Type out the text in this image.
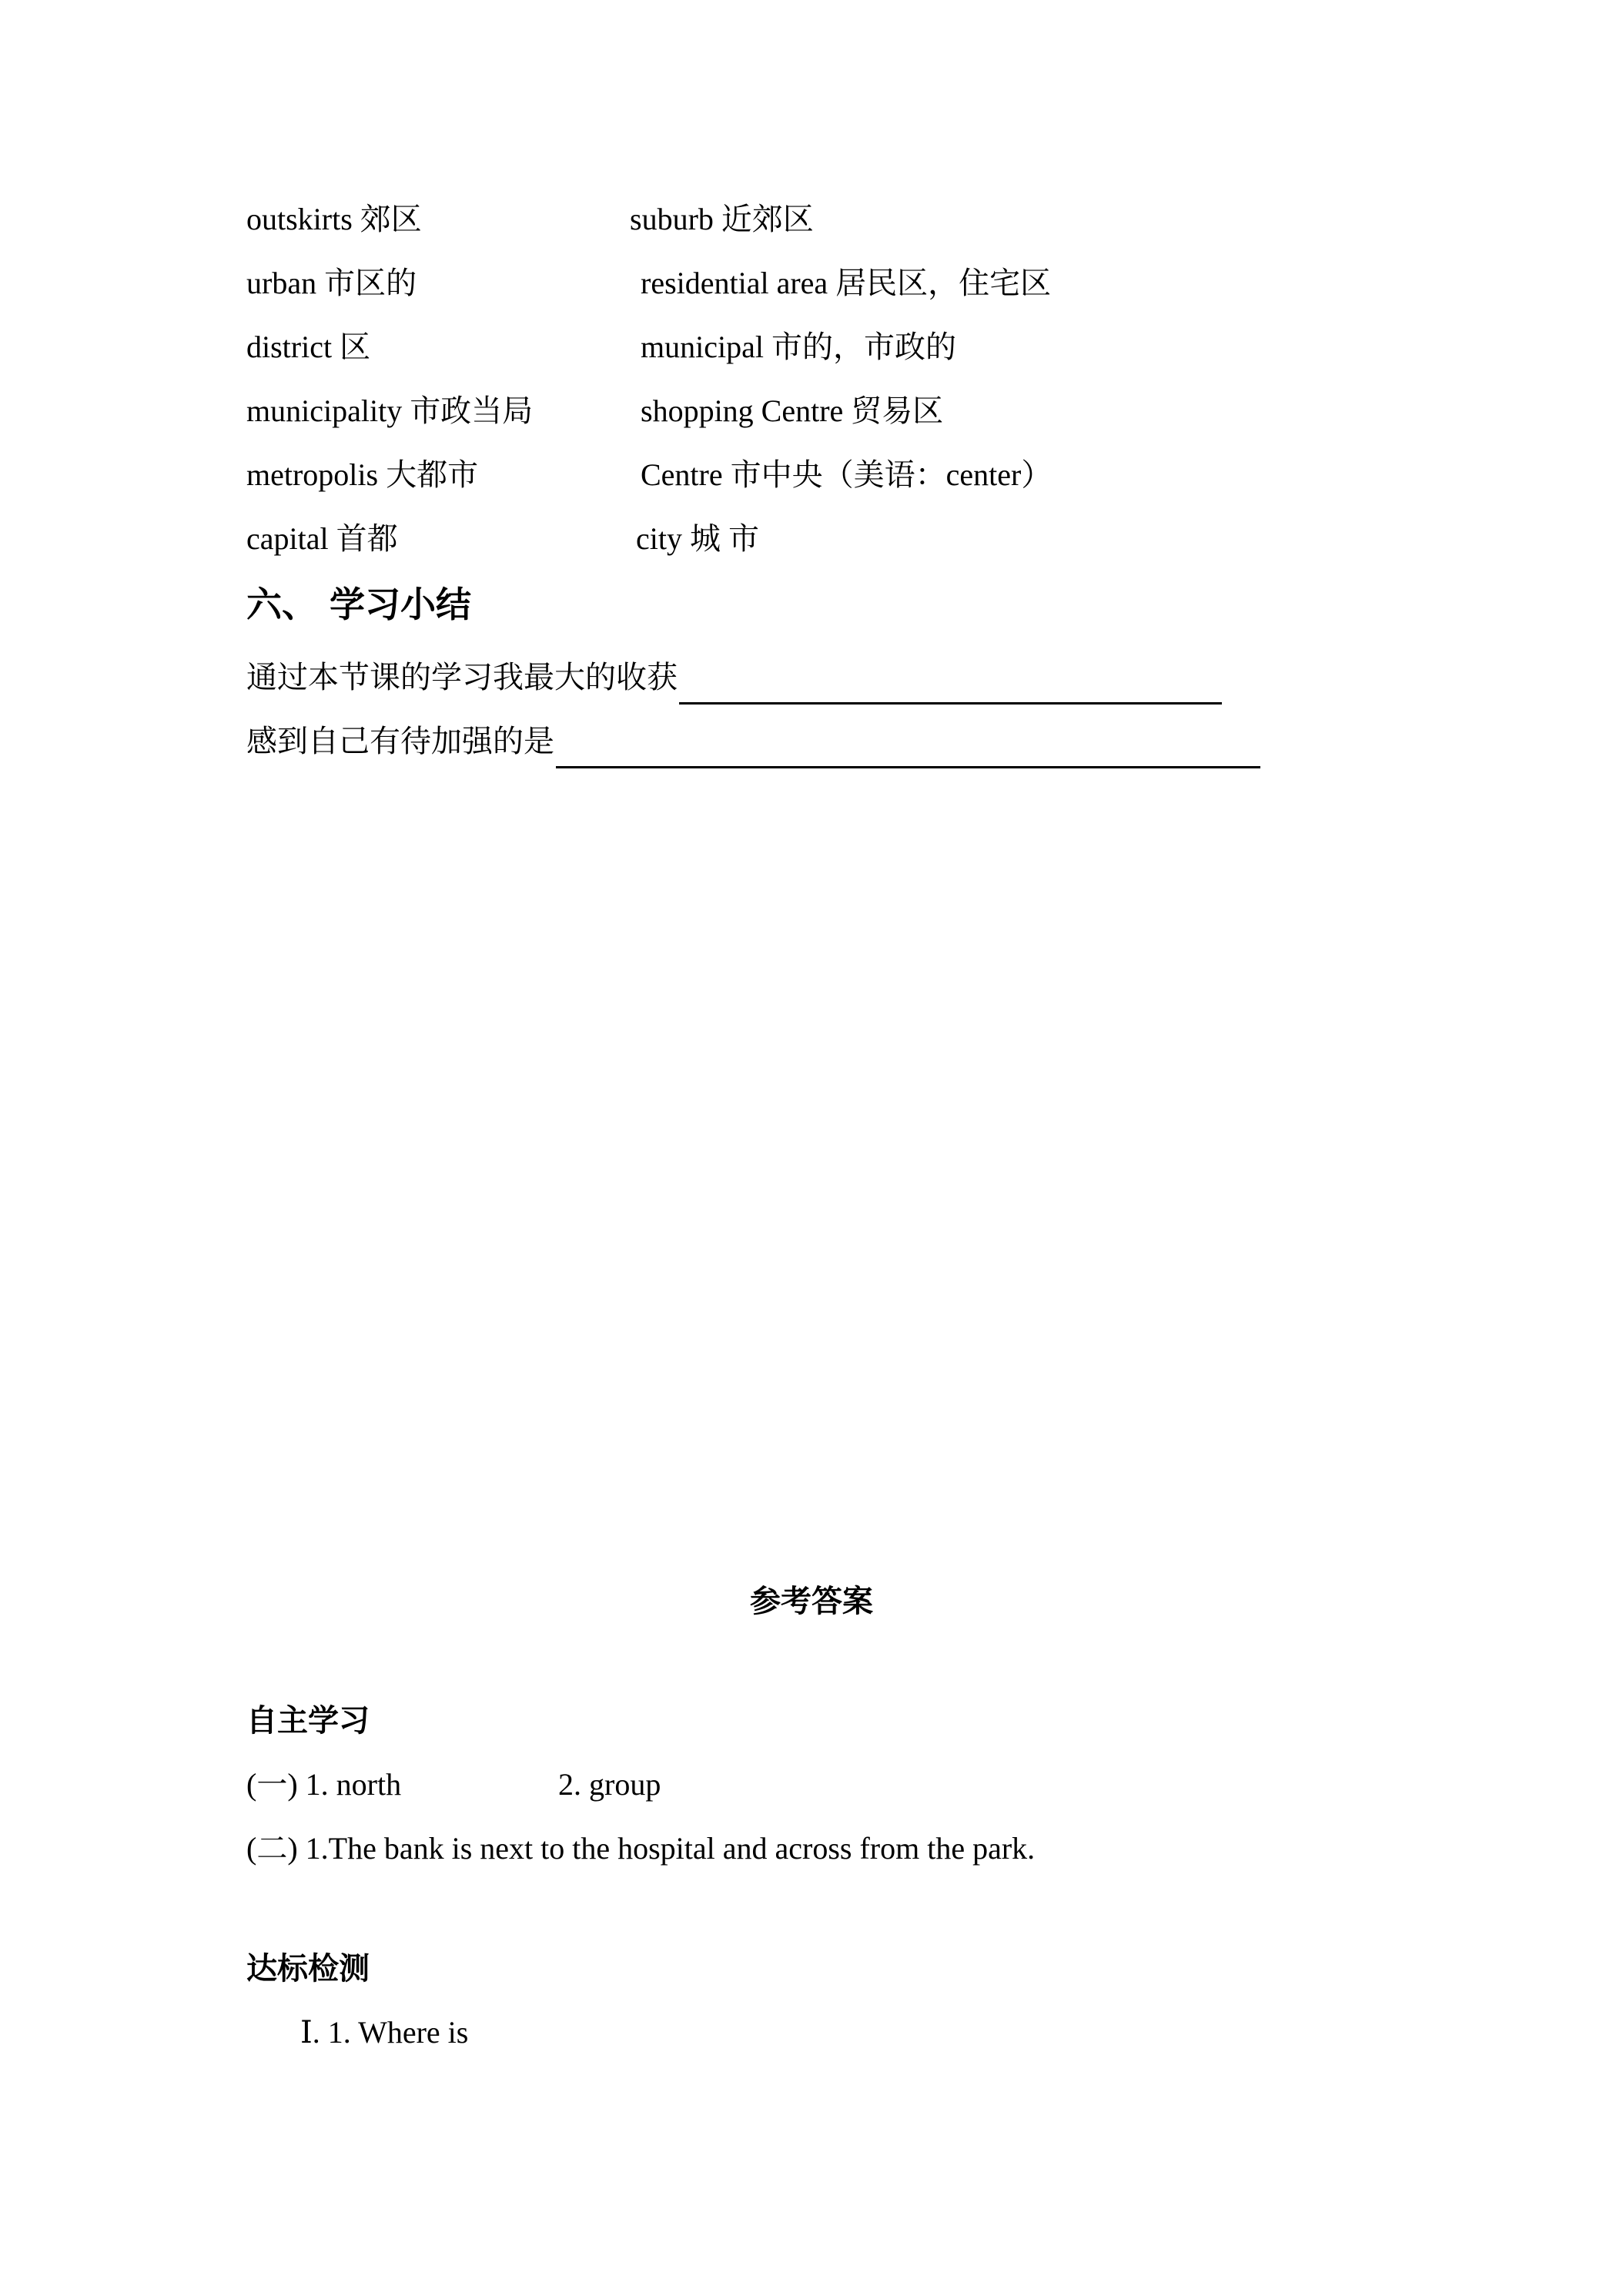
outskirts 郊区	suburb 近郊区
urban 市区的	residential area 居民区，住宅区
district 区	municipal 市的，市政的
municipality 市政当局	shopping Centre 贸易区
metropolis 大都市	Centre 市中央（美语：center）
capital 首都	city 城 市
六、 学习小结
通过本节课的学习我最大的收获
感到自己有待加强的是
参考答案
自主学习
(一) 1. north	2. group
(二) 1.The bank is next to the hospital and across from the park.
达标检测
Ⅰ. 1. Where is
